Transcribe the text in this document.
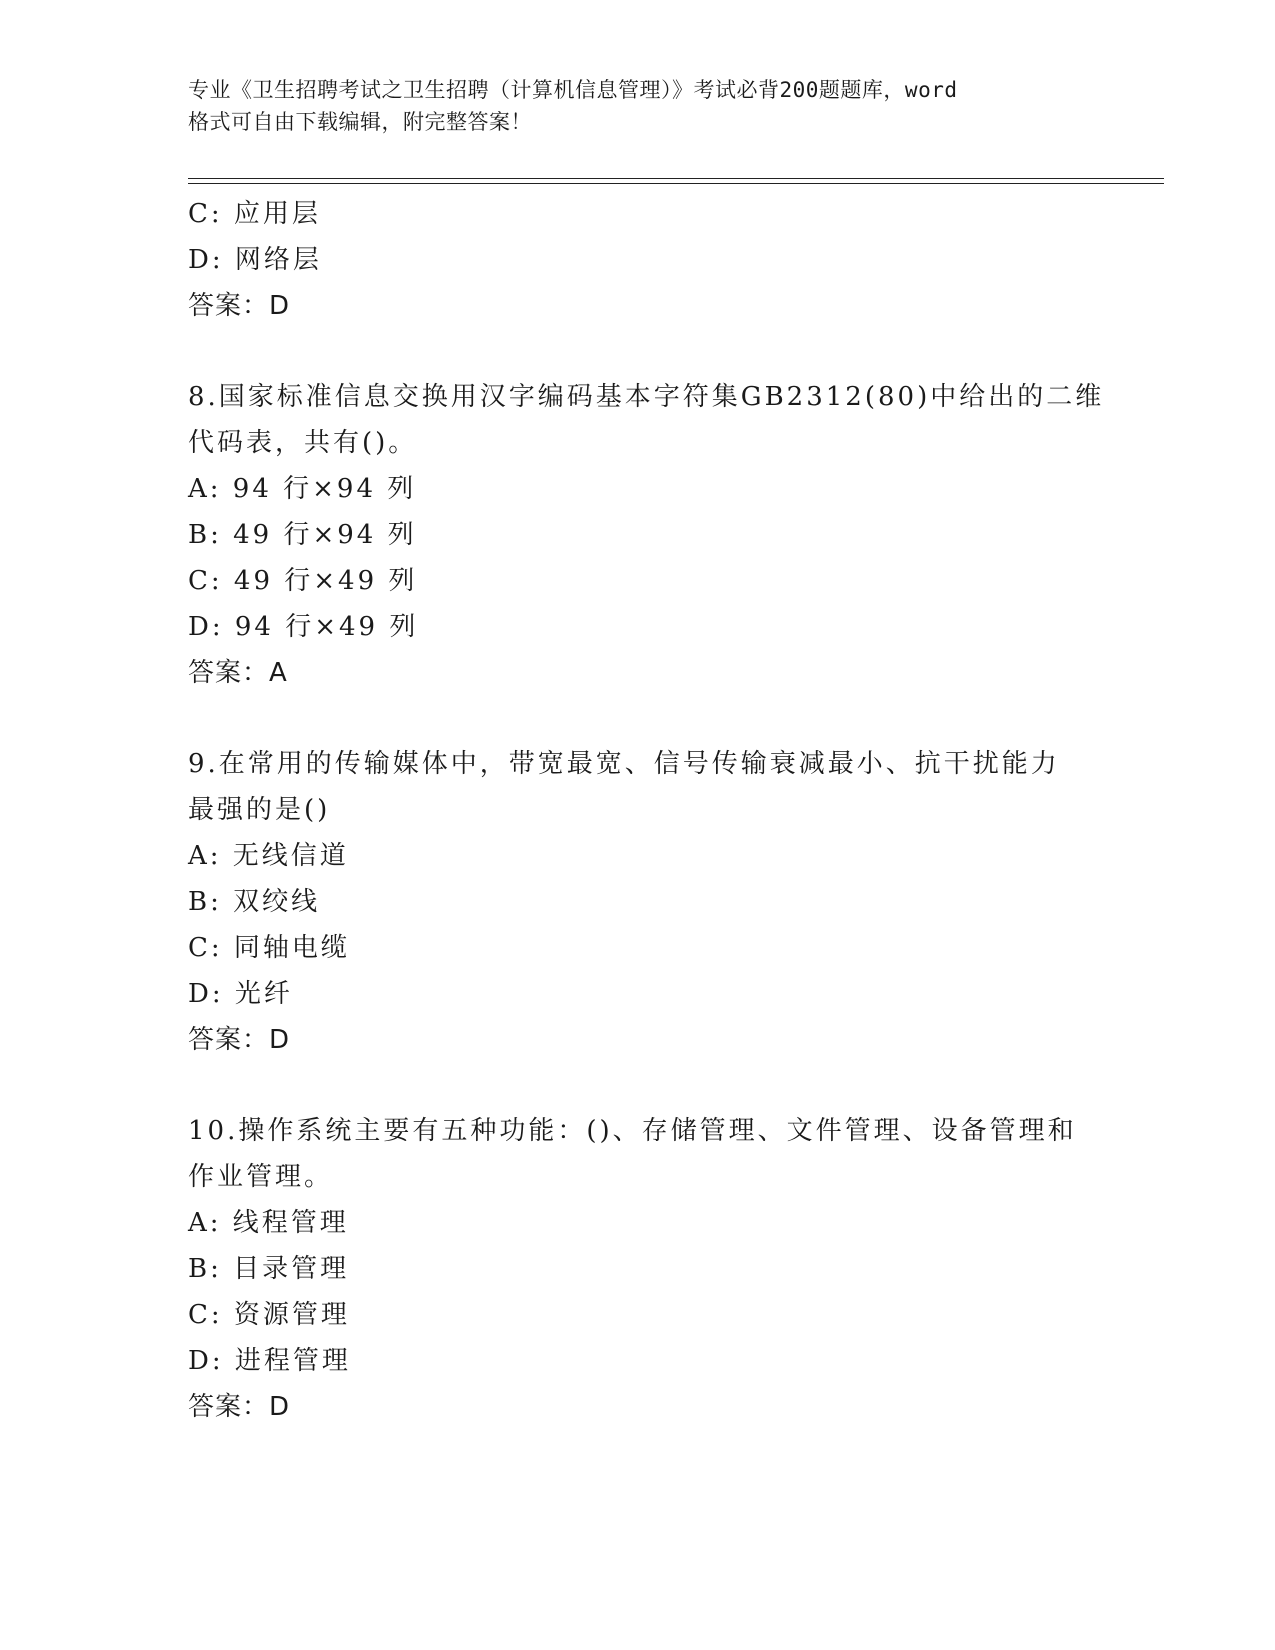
专业《卫生招聘考试之卫生招聘（计算机信息管理）》考试必背200题题库，word
格式可自由下载编辑，附完整答案！
C: 应用层
D: 网络层
答案：D
8.国家标准信息交换用汉字编码基本字符集GB2312(80)中给出的二维
代码表，共有()。
A: 94 行×94 列
B: 49 行×94 列
C: 49 行×49 列
D: 94 行×49 列
答案：A
9.在常用的传输媒体中，带宽最宽、信号传输衰减最小、抗干扰能力
最强的是()
A: 无线信道
B: 双绞线
C: 同轴电缆
D: 光纤
答案：D
10.操作系统主要有五种功能：()、存储管理、文件管理、设备管理和
作业管理。
A: 线程管理
B: 目录管理
C: 资源管理
D: 进程管理
答案：D
